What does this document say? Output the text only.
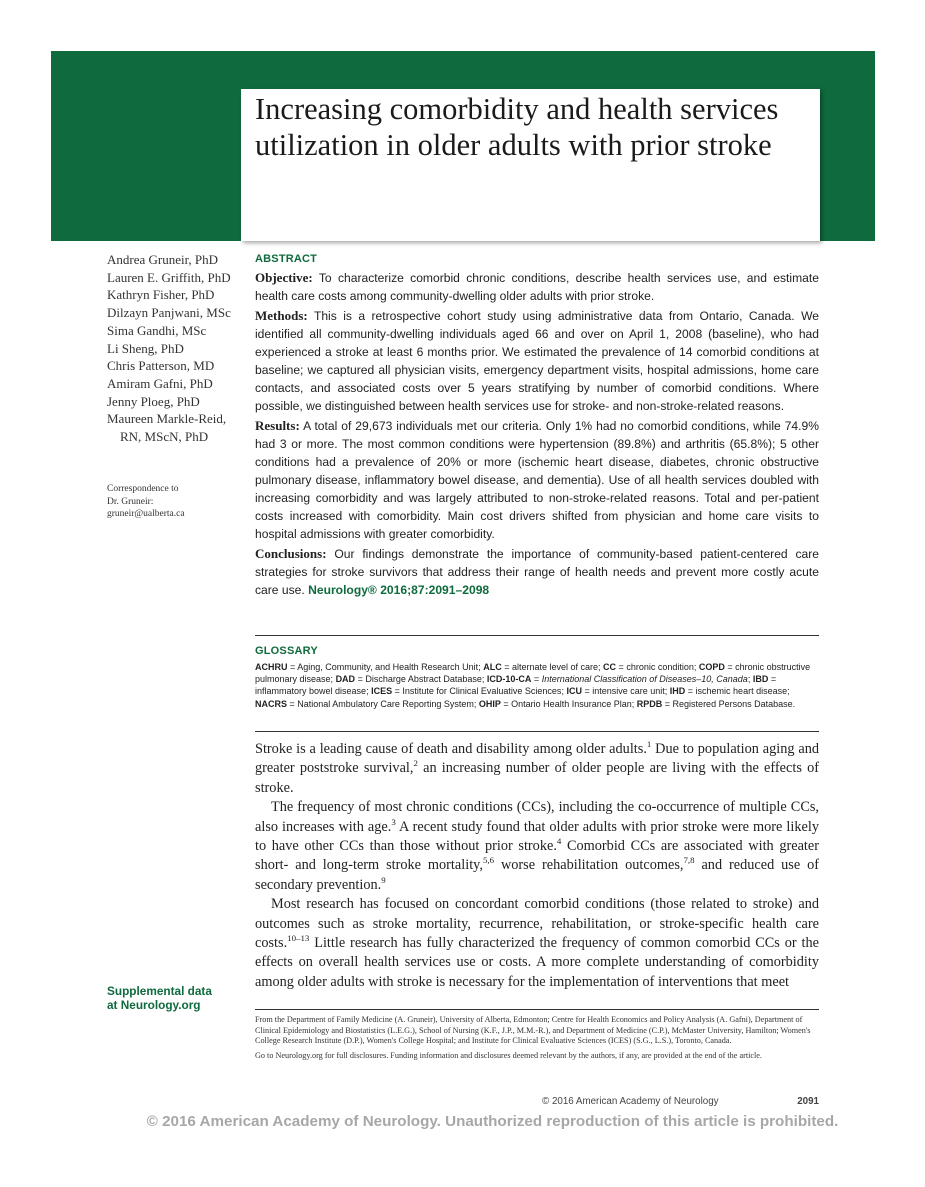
Increasing comorbidity and health services utilization in older adults with prior stroke
Andrea Gruneir, PhD
Lauren E. Griffith, PhD
Kathryn Fisher, PhD
Dilzayn Panjwani, MSc
Sima Gandhi, MSc
Li Sheng, PhD
Chris Patterson, MD
Amiram Gafni, PhD
Jenny Ploeg, PhD
Maureen Markle-Reid,
RN, MScN, PhD
Correspondence to
Dr. Gruneir:
gruneir@ualberta.ca
Supplemental data
at Neurology.org
ABSTRACT

Objective: To characterize comorbid chronic conditions, describe health services use, and estimate health care costs among community-dwelling older adults with prior stroke.

Methods: This is a retrospective cohort study using administrative data from Ontario, Canada. We identified all community-dwelling individuals aged 66 and over on April 1, 2008 (baseline), who had experienced a stroke at least 6 months prior. We estimated the prevalence of 14 comorbid conditions at baseline; we captured all physician visits, emergency department visits, hospital admissions, home care contacts, and associated costs over 5 years stratifying by number of comorbid conditions. Where possible, we distinguished between health services use for stroke- and non-stroke-related reasons.

Results: A total of 29,673 individuals met our criteria. Only 1% had no comorbid conditions, while 74.9% had 3 or more. The most common conditions were hypertension (89.8%) and arthritis (65.8%); 5 other conditions had a prevalence of 20% or more (ischemic heart disease, diabetes, chronic obstructive pulmonary disease, inflammatory bowel disease, and dementia). Use of all health services doubled with increasing comorbidity and was largely attributed to non-stroke-related reasons. Total and per-patient costs increased with comorbidity. Main cost drivers shifted from physician and home care visits to hospital admissions with greater comorbidity.

Conclusions: Our findings demonstrate the importance of community-based patient-centered care strategies for stroke survivors that address their range of health needs and prevent more costly acute care use. Neurology® 2016;87:2091–2098

GLOSSARY

ACHRU = Aging, Community, and Health Research Unit; ALC = alternate level of care; CC = chronic condition; COPD = chronic obstructive pulmonary disease; DAD = Discharge Abstract Database; ICD-10-CA = International Classification of Diseases–10, Canada; IBD = inflammatory bowel disease; ICES = Institute for Clinical Evaluative Sciences; ICU = intensive care unit; IHD = ischemic heart disease; NACRS = National Ambulatory Care Reporting System; OHIP = Ontario Health Insurance Plan; RPDB = Registered Persons Database.

Stroke is a leading cause of death and disability among older adults.$^1$ Due to population aging and greater poststroke survival,$^2$ an increasing number of older people are living with the effects of stroke.

The frequency of most chronic conditions (CCs), including the co-occurrence of multiple CCs, also increases with age.$^3$ A recent study found that older adults with prior stroke were more likely to have other CCs than those without prior stroke.$^4$ Comorbid CCs are associated with greater short- and long-term stroke mortality,$^{5,6}$ worse rehabilitation outcomes,$^{7,8}$ and reduced use of secondary prevention.$^9$

Most research has focused on concordant comorbid conditions (those related to stroke) and outcomes such as stroke mortality, recurrence, rehabilitation, or stroke-specific health care costs.$^{10-13}$ Little research has fully characterized the frequency of common comorbid CCs or the effects on overall health services use or costs. A more complete understanding of comorbidity among older adults with stroke is necessary for the implementation of interventions that meet

From the Department of Family Medicine (A. Gruneir), University of Alberta, Edmonton; Centre for Health Economics and Policy Analysis (A. Gafni), Department of Clinical Epidemiology and Biostatistics (L.E.G.), School of Nursing (K.F., J.P., M.M.-R.), and Department of Medicine (C.P.), McMaster University, Hamilton; Women's College Research Institute (D.P.), Women's College Hospital; and Institute for Clinical Evaluative Sciences (ICES) (S.G., L.S.), Toronto, Canada.

Go to Neurology.org for full disclosures. Funding information and disclosures deemed relevant by the authors, if any, are provided at the end of the article.

© 2016 American Academy of Neurology	2091
© 2016 American Academy of Neurology. Unauthorized reproduction of this article is prohibited.
